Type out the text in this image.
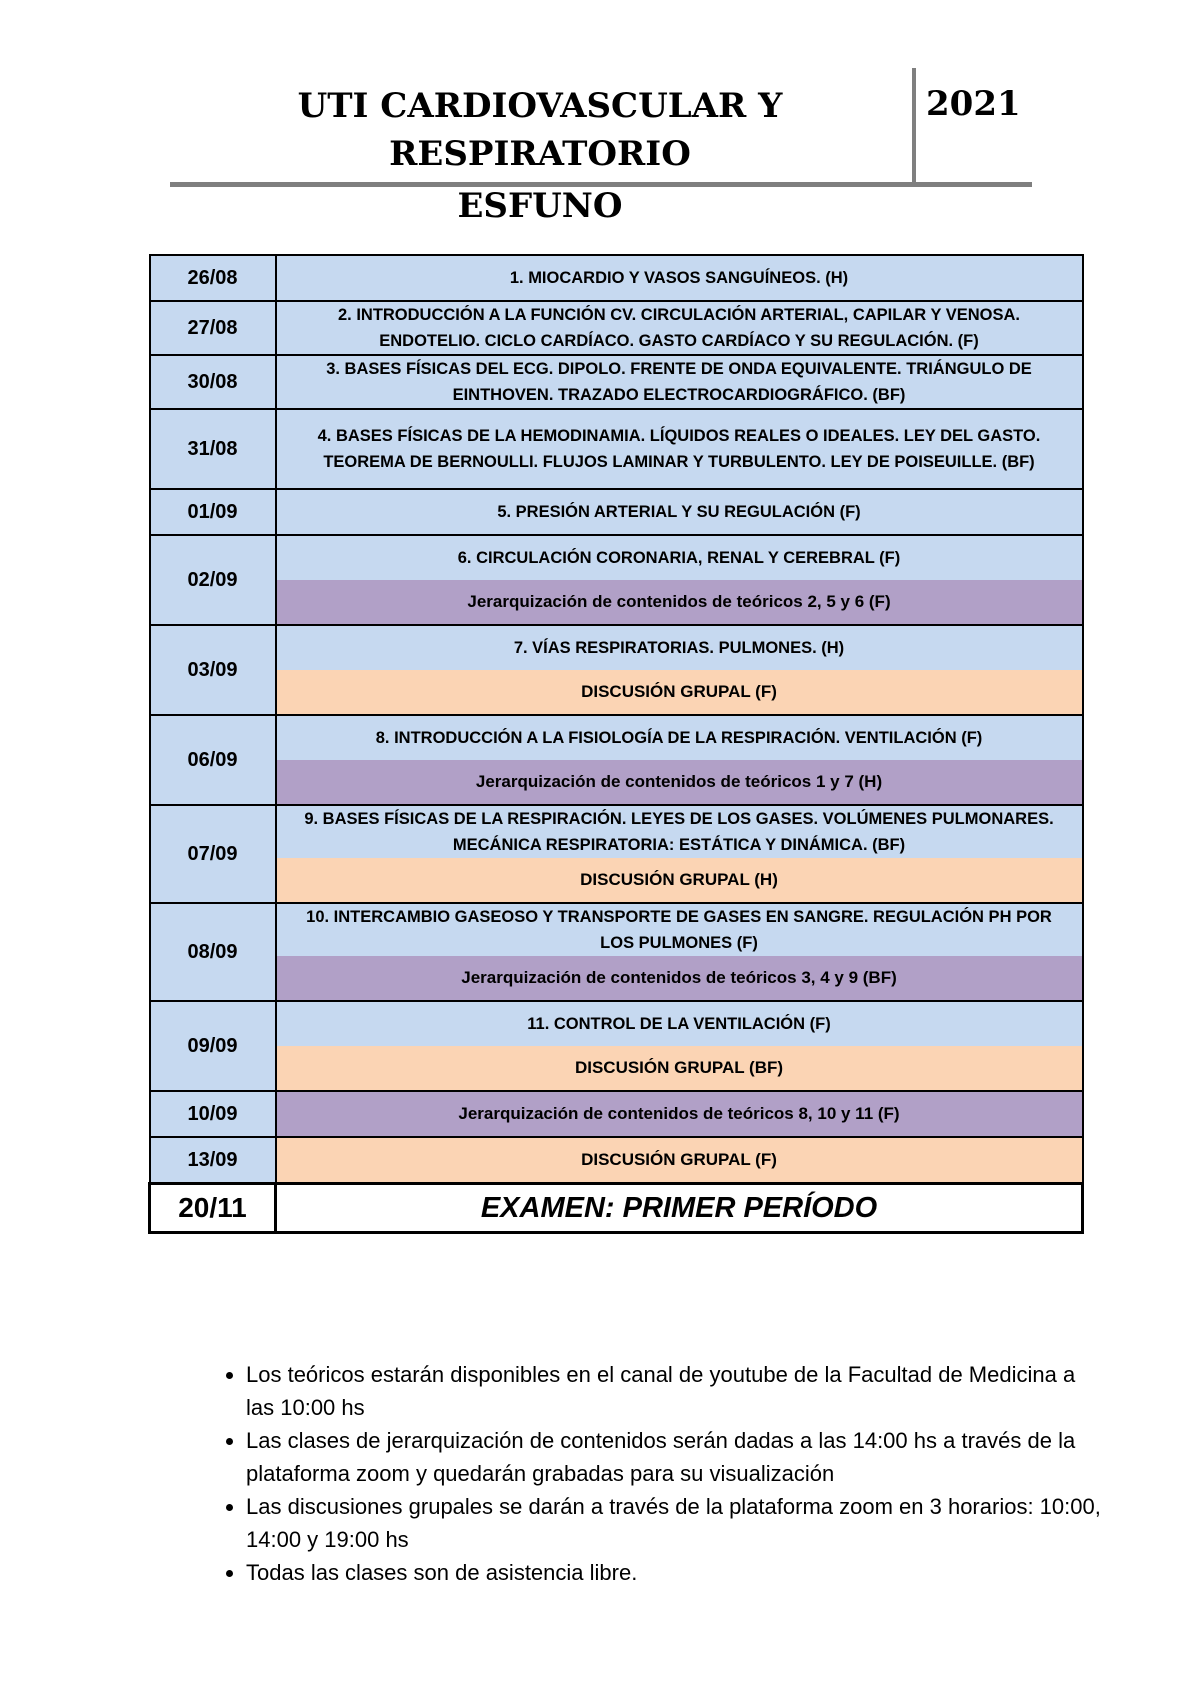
UTI CARDIOVASCULAR Y
RESPIRATORIO
2021
ESFUNO
26/08	1. MIOCARDIO Y VASOS SANGUÍNEOS. (H)

27/08	2. INTRODUCCIÓN A LA FUNCIÓN CV. CIRCULACIÓN ARTERIAL, CAPILAR Y VENOSA. ENDOTELIO. CICLO CARDÍACO. GASTO CARDÍACO Y SU REGULACIÓN. (F)

30/08	3. BASES FÍSICAS DEL ECG. DIPOLO. FRENTE DE ONDA EQUIVALENTE. TRIÁNGULO DE EINTHOVEN. TRAZADO ELECTROCARDIOGRÁFICO. (BF)

31/08	4. BASES FÍSICAS DE LA HEMODINAMIA. LÍQUIDOS REALES O IDEALES. LEY DEL GASTO. TEOREMA DE BERNOULLI. FLUJOS LAMINAR Y TURBULENTO. LEY DE POISEUILLE. (BF)

01/09	5. PRESIÓN ARTERIAL Y SU REGULACIÓN (F)

02/09	6. CIRCULACIÓN CORONARIA, RENAL Y CEREBRAL (F)
Jerarquización de contenidos de teóricos 2, 5 y 6 (F)

03/09	7. VÍAS RESPIRATORIAS. PULMONES. (H)
DISCUSIÓN GRUPAL (F)

06/09	8. INTRODUCCIÓN A LA FISIOLOGÍA DE LA RESPIRACIÓN. VENTILACIÓN (F)
Jerarquización de contenidos de teóricos 1 y 7 (H)

07/09	9. BASES FÍSICAS DE LA RESPIRACIÓN. LEYES DE LOS GASES. VOLÚMENES PULMONARES. MECÁNICA RESPIRATORIA: ESTÁTICA Y DINÁMICA. (BF)
DISCUSIÓN GRUPAL (H)

08/09	10. INTERCAMBIO GASEOSO Y TRANSPORTE DE GASES EN SANGRE. REGULACIÓN PH POR LOS PULMONES (F)
Jerarquización de contenidos de teóricos 3, 4 y 9 (BF)

09/09	11. CONTROL DE LA VENTILACIÓN (F)
DISCUSIÓN GRUPAL (BF)

10/09	Jerarquización de contenidos de teóricos 8, 10 y 11 (F)

13/09	DISCUSIÓN GRUPAL (F)

20/11	EXAMEN: PRIMER PERÍODO
• Los teóricos estarán disponibles en el canal de youtube de la Facultad de Medicina a las 10:00 hs
• Las clases de jerarquización de contenidos serán dadas a las 14:00 hs a través de la plataforma zoom y quedarán grabadas para su visualización
• Las discusiones grupales se darán a través de la plataforma zoom en 3 horarios: 10:00, 14:00 y 19:00 hs
• Todas las clases son de asistencia libre.
